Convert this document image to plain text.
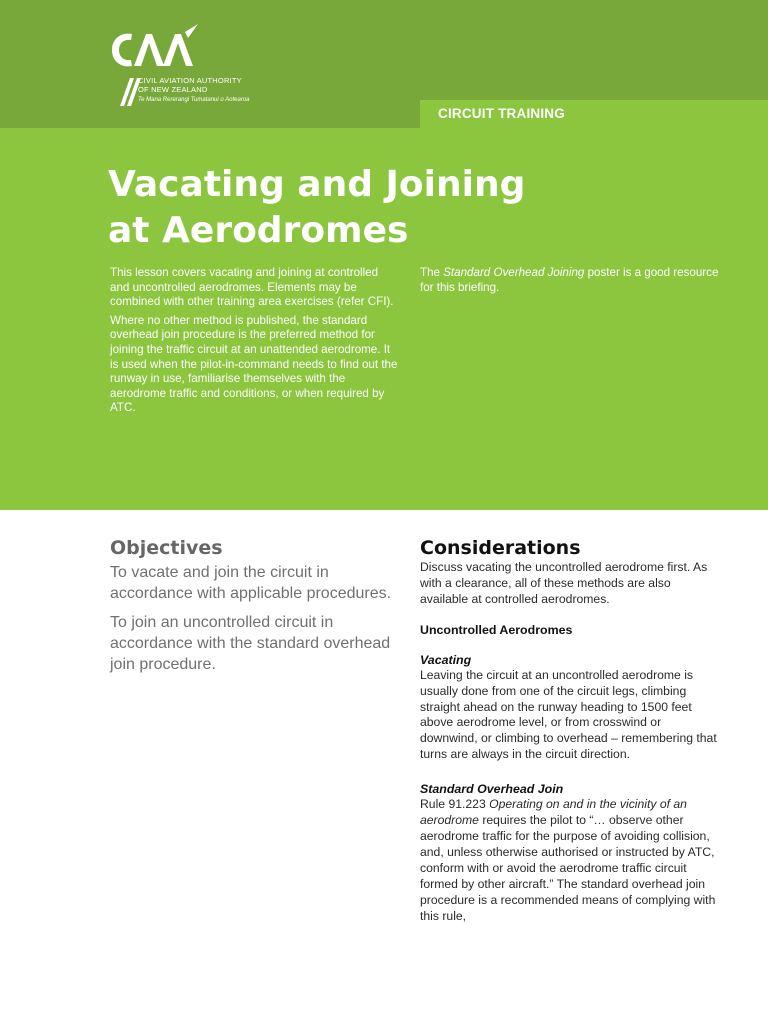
CIVIL AVIATION AUTHORITY
OF NEW ZEALAND
Te Mana Rererangi Tumatanui o Aotearoa
CIRCUIT TRAINING
Vacating and Joining
at Aerodromes

This lesson covers vacating and joining at controlled and uncontrolled aerodromes. Elements may be combined with other training area exercises (refer CFI).

Where no other method is published, the standard overhead join procedure is the preferred method for joining the traffic circuit at an unattended aerodrome. It is used when the pilot-in-command needs to find out the runway in use, familiarise themselves with the aerodrome traffic and conditions, or when required by ATC.

The Standard Overhead Joining poster is a good resource for this briefing.

Objectives

To vacate and join the circuit in accordance with applicable procedures.

To join an uncontrolled circuit in accordance with the standard overhead join procedure.

Considerations

Discuss vacating the uncontrolled aerodrome first. As with a clearance, all of these methods are also available at controlled aerodromes.

Uncontrolled Aerodromes
Vacating

Leaving the circuit at an uncontrolled aerodrome is usually done from one of the circuit legs, climbing straight ahead on the runway heading to 1500 feet above aerodrome level, or from crosswind or downwind, or climbing to overhead – remembering that turns are always in the circuit direction.

Standard Overhead Join

Rule 91.223 Operating on and in the vicinity of an aerodrome requires the pilot to “… observe other aerodrome traffic for the purpose of avoiding collision, and, unless otherwise authorised or instructed by ATC, conform with or avoid the aerodrome traffic circuit formed by other aircraft.” The standard overhead join procedure is a recommended means of complying with this rule,
